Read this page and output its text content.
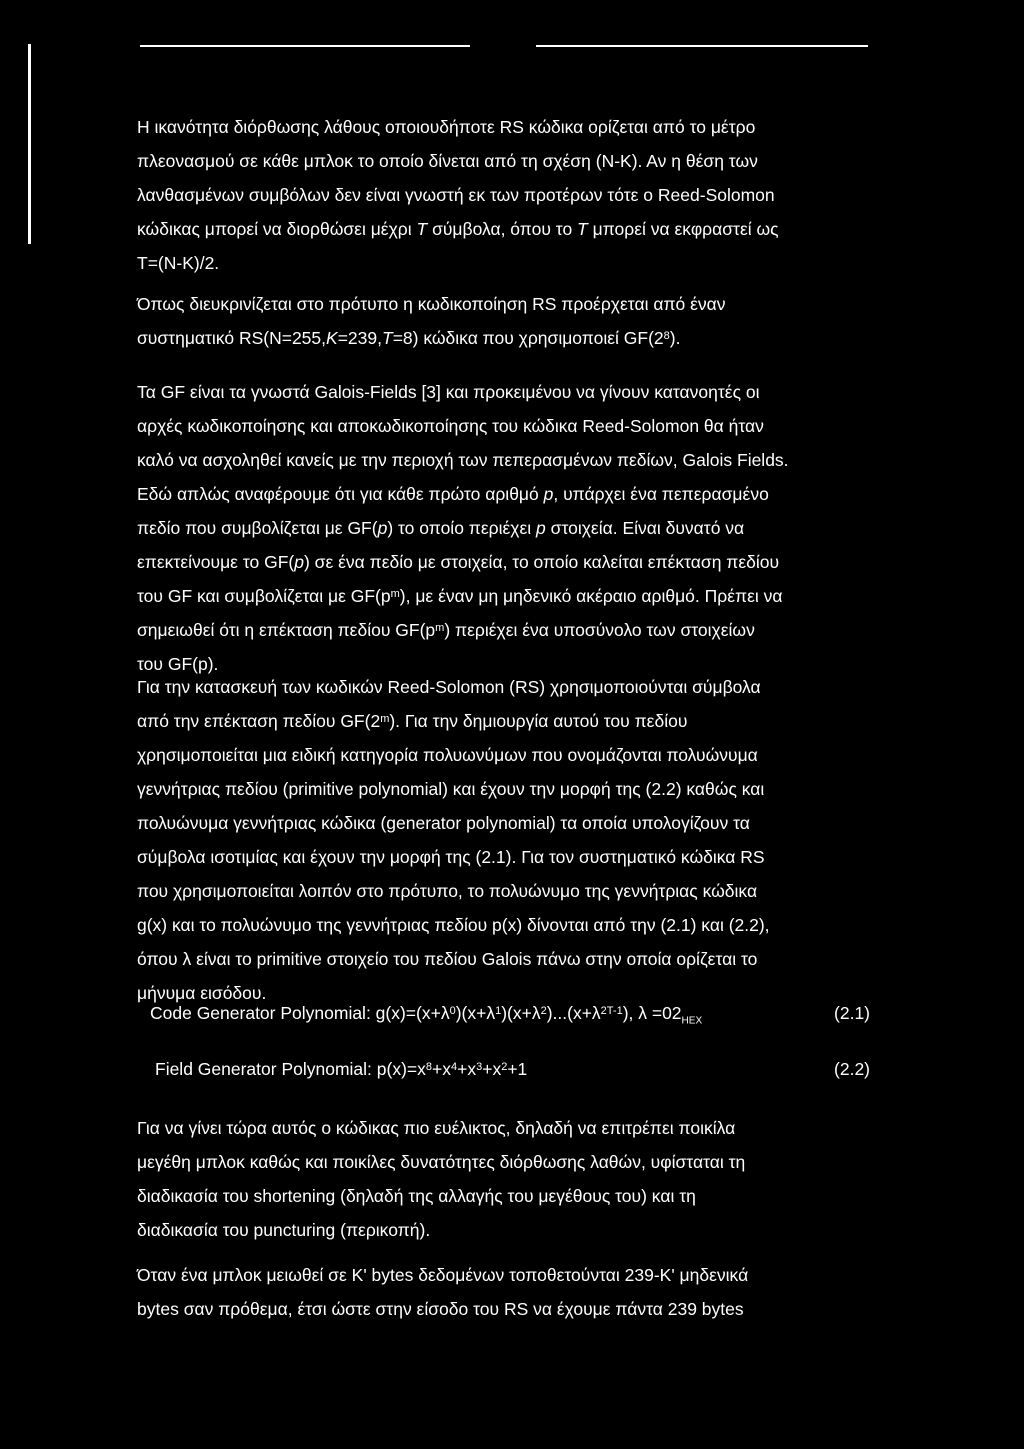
Η ικανότητα διόρθωσης λάθους οποιουδήποτε RS κώδικα ορίζεται από το μέτρο
πλεονασμού σε κάθε μπλοκ το οποίο δίνεται από τη σχέση (N-K). Αν η θέση των
λανθασμένων συμβόλων δεν είναι γνωστή εκ των προτέρων τότε ο Reed-Solomon
κώδικας μπορεί να διορθώσει μέχρι T σύμβολα, όπου το T μπορεί να εκφραστεί ως
T=(N-K)/2.

Όπως διευκρινίζεται στο πρότυπο η κωδικοποίηση RS προέρχεται από έναν
συστηματικό RS(N=255,K=239,T=8) κώδικα που χρησιμοποιεί $GF(2^8)$.

Τα GF είναι τα γνωστά Galois-Fields [3] και προκειμένου να γίνουν κατανοητές οι
αρχές κωδικοποίησης και αποκωδικοποίησης του κώδικα Reed-Solomon θα ήταν
καλό να ασχοληθεί κανείς με την περιοχή των πεπερασμένων πεδίων, Galois Fields.
Εδώ απλώς αναφέρουμε ότι για κάθε πρώτο αριθμό p, υπάρχει ένα πεπερασμένο
πεδίο που συμβολίζεται με GF(p) το οποίο περιέχει p στοιχεία. Είναι δυνατό να
επεκτείνουμε το GF(p) σε ένα πεδίο με στοιχεία, το οποίο καλείται επέκταση πεδίου
του GF και συμβολίζεται με $GF(p^m)$, με έναν μη μηδενικό ακέραιο αριθμό. Πρέπει να
σημειωθεί ότι η επέκταση πεδίου $GF(p^m)$ περιέχει ένα υποσύνολο των στοιχείων
του GF(p).

Για την κατασκευή των κωδικών Reed-Solomon (RS) χρησιμοποιούνται σύμβολα
από την επέκταση πεδίου GF(2$^m$). Για την δημιουργία αυτού του πεδίου
χρησιμοποιείται μια ειδική κατηγορία πολυωνύμων που ονομάζονται πολυώνυμα
γεννήτριας πεδίου (primitive polynomial) και έχουν την μορφή της (2.2) καθώς και
πολυώνυμα γεννήτριας κώδικα (generator polynomial) τα οποία υπολογίζουν τα
σύμβολα ισοτιμίας και έχουν την μορφή της (2.1). Για τον συστηματικό κώδικα RS
που χρησιμοποιείται λοιπόν στο πρότυπο, το πολυώνυμο της γεννήτριας κώδικα
g(x) και το πολυώνυμο της γεννήτριας πεδίου p(x) δίνονται από την (2.1) και (2.2),
όπου λ είναι το primitive στοιχείο του πεδίου Galois πάνω στην οποία ορίζεται το
μήνυμα εισόδου.

Code Generator Polynomial: $g(x)=(x+\lambda^0)(x+\lambda^1)(x+\lambda^2)...(x+\lambda^{2T-1})$, $\lambda =02_{HEX}$	(2.1)
Field Generator Polynomial: $p(x)=x^8+x^4+x^3+x^2+1$	(2.2)

Για να γίνει τώρα αυτός ο κώδικας πιο ευέλικτος, δηλαδή να επιτρέπει ποικίλα
μεγέθη μπλοκ καθώς και ποικίλες δυνατότητες διόρθωσης λαθών, υφίσταται τη
διαδικασία του shortening (δηλαδή της αλλαγής του μεγέθους του) και τη
διαδικασία του puncturing (περικοπή).

Όταν ένα μπλοκ μειωθεί σε K' bytes δεδομένων τοποθετούνται 239-K' μηδενικά
bytes σαν πρόθεμα, έτσι ώστε στην είσοδο του RS να έχουμε πάντα 239 bytes
